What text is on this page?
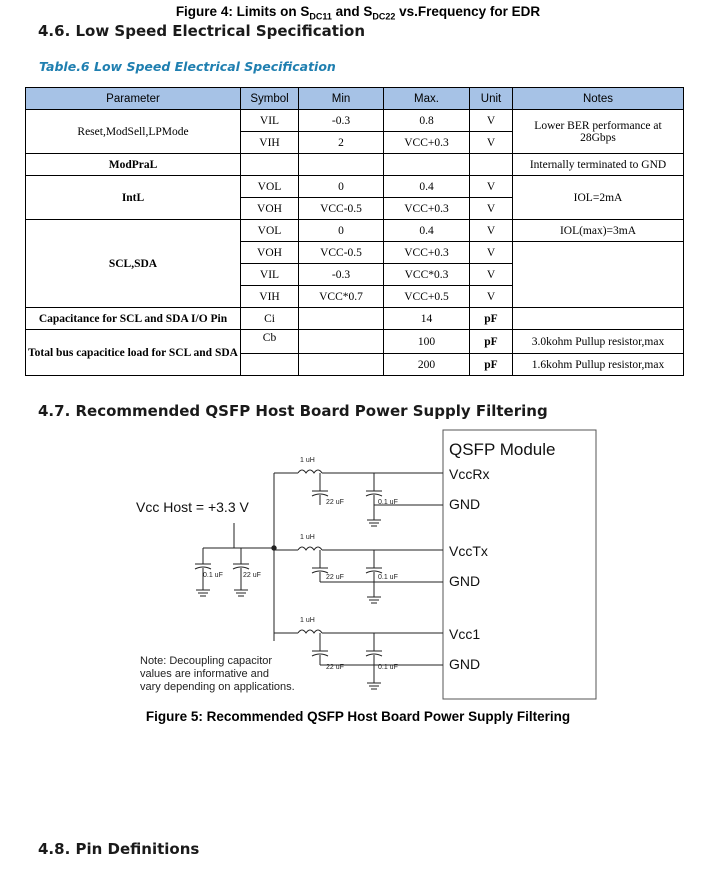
Figure 4: Limits on $S_{DC11}$ and $S_{DC22}$ vs.Frequency for EDR
4.6. Low Speed Electrical Specification
Table.6 Low Speed Electrical Specification
Parameter	Symbol	Min	Max.	Unit	Notes
Reset,ModSell,LPMode	VIL	-0.3	0.8	V	Lower BER performance at 28Gbps
	VIH	2	VCC+0.3	V	
ModPraL					Internally terminated to GND
IntL	VOL	0	0.4	V	IOL=2mA
	VOH	VCC-0.5	VCC+0.3	V	
SCL,SDA	VOL	0	0.4	V	IOL(max)=3mA
	VOH	VCC-0.5	VCC+0.3	V	
	VIL	-0.3	VCC*0.3	V	
	VIH	VCC*0.7	VCC+0.5	V	
Capacitance for SCL and SDA I/O Pin	Ci		14	pF	
Total bus capacitice load for SCL and SDA	Cb		100	pF	3.0kohm Pullup resistor,max
			200	pF	1.6kohm Pullup resistor,max
4.7. Recommended QSFP Host Board Power Supply Filtering
QSFP Module
VccRx
GND
VccTx
GND
Vcc1
GND
Vcc Host = +3.3 V
0.1 uF	22 uF
1 uH
22 uF	0.1 uF
1 uH
22 uF	0.1 uF
1 uH
22 uF	0.1 uF
Note: Decoupling capacitor
values are informative and
vary depending on applications.
Figure 5: Recommended QSFP Host Board Power Supply Filtering
4.8. Pin Definitions
